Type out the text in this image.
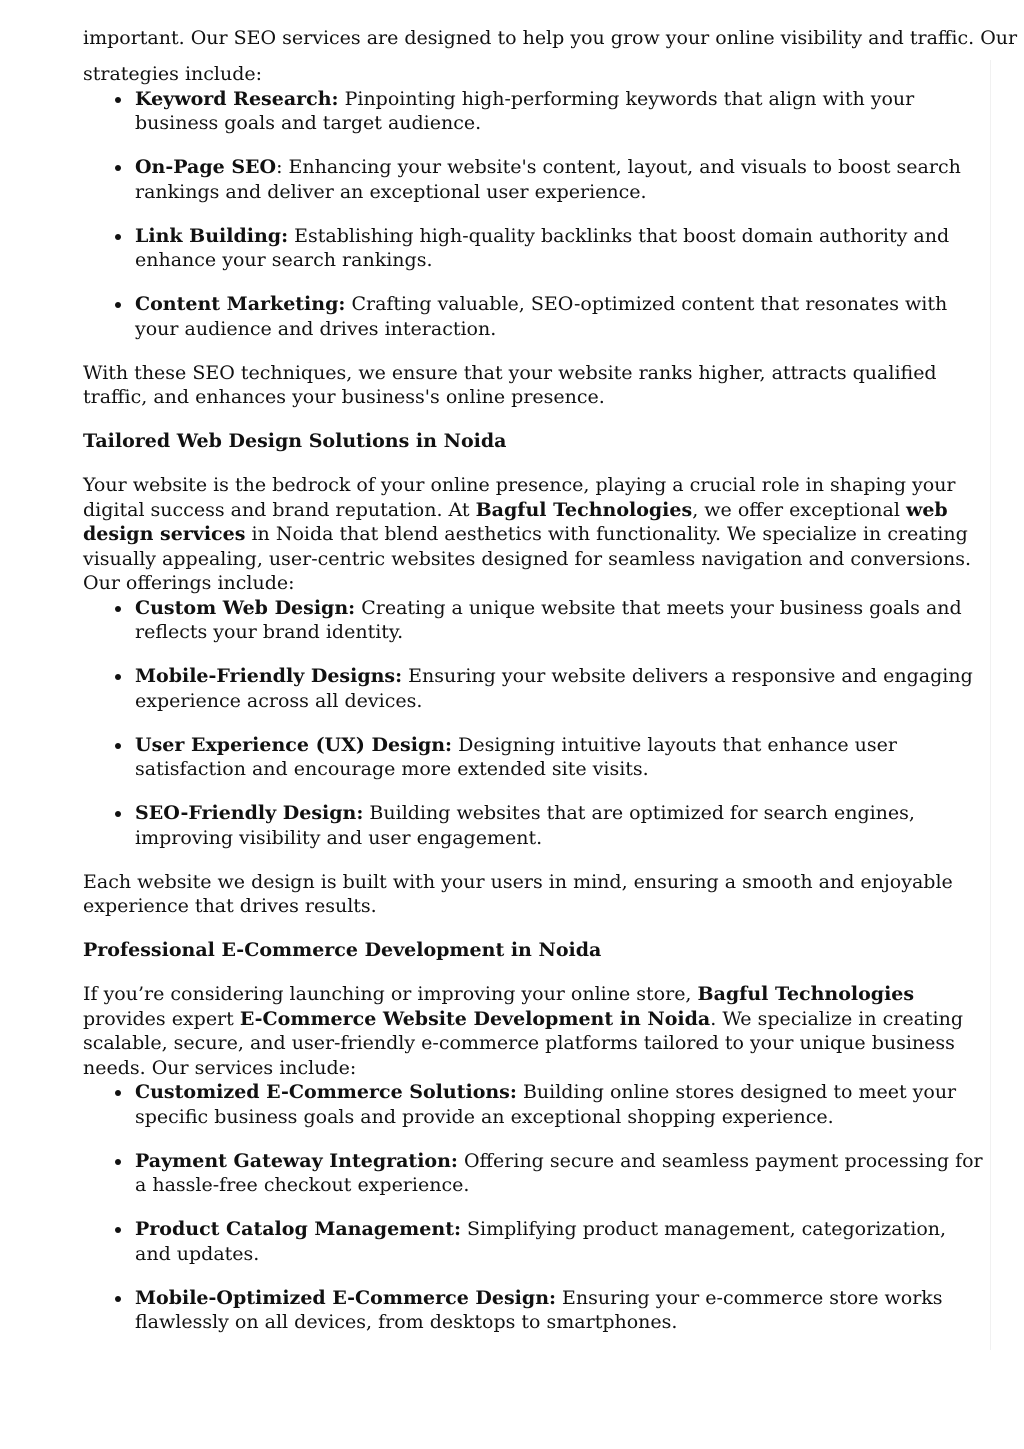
important. Our SEO services are designed to help you grow your online visibility and traffic. Our

strategies include:

Keyword Research: Pinpointing high-performing keywords that align with your business goals and target audience.
On-Page SEO: Enhancing your website's content, layout, and visuals to boost search rankings and deliver an exceptional user experience.
Link Building: Establishing high-quality backlinks that boost domain authority and enhance your search rankings.
Content Marketing: Crafting valuable, SEO-optimized content that resonates with your audience and drives interaction.

With these SEO techniques, we ensure that your website ranks higher, attracts qualified traffic, and enhances your business's online presence.

Tailored Web Design Solutions in Noida

Your website is the bedrock of your online presence, playing a crucial role in shaping your digital success and brand reputation. At Bagful Technologies, we offer exceptional web design services in Noida that blend aesthetics with functionality. We specialize in creating visually appealing, user-centric websites designed for seamless navigation and conversions. Our offerings include:

Custom Web Design: Creating a unique website that meets your business goals and reflects your brand identity.
Mobile-Friendly Designs: Ensuring your website delivers a responsive and engaging experience across all devices.
User Experience (UX) Design: Designing intuitive layouts that enhance user satisfaction and encourage more extended site visits.
SEO-Friendly Design: Building websites that are optimized for search engines, improving visibility and user engagement.

Each website we design is built with your users in mind, ensuring a smooth and enjoyable experience that drives results.

Professional E-Commerce Development in Noida

If you’re considering launching or improving your online store, Bagful Technologies provides expert E-Commerce Website Development in Noida. We specialize in creating scalable, secure, and user-friendly e-commerce platforms tailored to your unique business needs. Our services include:

Customized E-Commerce Solutions: Building online stores designed to meet your specific business goals and provide an exceptional shopping experience.
Payment Gateway Integration: Offering secure and seamless payment processing for a hassle-free checkout experience.
Product Catalog Management: Simplifying product management, categorization, and updates.
Mobile-Optimized E-Commerce Design: Ensuring your e-commerce store works flawlessly on all devices, from desktops to smartphones.
